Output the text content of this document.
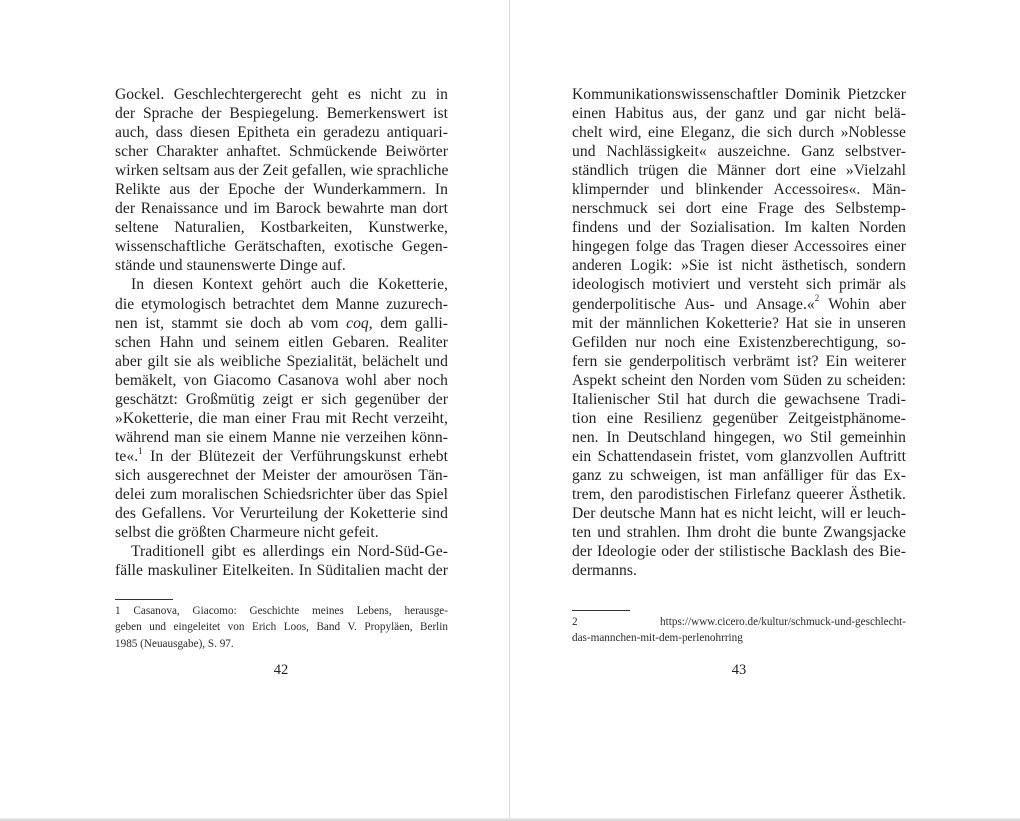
Gockel. Geschlechtergerecht geht es nicht zu in
der Sprache der Bespiegelung. Bemerkenswert ist
auch, dass diesen Epitheta ein geradezu antiquari-
scher Charakter anhaftet. Schmückende Beiwörter
wirken seltsam aus der Zeit gefallen, wie sprachliche
Relikte aus der Epoche der Wunderkammern. In
der Renaissance und im Barock bewahrte man dort
seltene Naturalien, Kostbarkeiten, Kunstwerke,
wissenschaftliche Gerätschaften, exotische Gegen-
stände und staunenswerte Dinge auf.
In diesen Kontext gehört auch die Koketterie,
die etymologisch betrachtet dem Manne zuzurech-
nen ist, stammt sie doch ab vom coq, dem galli-
schen Hahn und seinem eitlen Gebaren. Realiter
aber gilt sie als weibliche Spezialität, belächelt und
bemäkelt, von Giacomo Casanova wohl aber noch
geschätzt: Großmütig zeigt er sich gegenüber der
»Koketterie, die man einer Frau mit Recht verzeiht,
während man sie einem Manne nie verzeihen könn-
te«.$^1$ In der Blütezeit der Verführungskunst erhebt
sich ausgerechnet der Meister der amourösen Tän-
delei zum moralischen Schiedsrichter über das Spiel
des Gefallens. Vor Verurteilung der Koketterie sind
selbst die größten Charmeure nicht gefeit.
Traditionell gibt es allerdings ein Nord-Süd-Ge-
fälle maskuliner Eitelkeiten. In Süditalien macht der
1 Casanova, Giacomo: Geschichte meines Lebens, herausge-
geben und eingeleitet von Erich Loos, Band V. Propyläen, Berlin
1985 (Neuausgabe), S. 97.
42
Kommunikationswissenschaftler Dominik Pietzcker
einen Habitus aus, der ganz und gar nicht belä-
chelt wird, eine Eleganz, die sich durch »Noblesse
und Nachlässigkeit« auszeichne. Ganz selbstver-
ständlich trügen die Männer dort eine »Vielzahl
klimpernder und blinkender Accessoires«. Män-
nerschmuck sei dort eine Frage des Selbstemp-
findens und der Sozialisation. Im kalten Norden
hingegen folge das Tragen dieser Accessoires einer
anderen Logik: »Sie ist nicht ästhetisch, sondern
ideologisch motiviert und versteht sich primär als
genderpolitische Aus- und Ansage.«$^2$ Wohin aber
mit der männlichen Koketterie? Hat sie in unseren
Gefilden nur noch eine Existenzberechtigung, so-
fern sie genderpolitisch verbrämt ist? Ein weiterer
Aspekt scheint den Norden vom Süden zu scheiden:
Italienischer Stil hat durch die gewachsene Tradi-
tion eine Resilienz gegenüber Zeitgeistphänome-
nen. In Deutschland hingegen, wo Stil gemeinhin
ein Schattendasein fristet, vom glanzvollen Auftritt
ganz zu schweigen, ist man anfälliger für das Ex-
trem, den parodistischen Firlefanz queerer Ästhetik.
Der deutsche Mann hat es nicht leicht, will er leuch-
ten und strahlen. Ihm droht die bunte Zwangsjacke
der Ideologie oder der stilistische Backlash des Bie-
dermanns.
2 https://www.cicero.de/kultur/schmuck-und-geschlecht-
das-mannchen-mit-dem-perlenohrring
43
